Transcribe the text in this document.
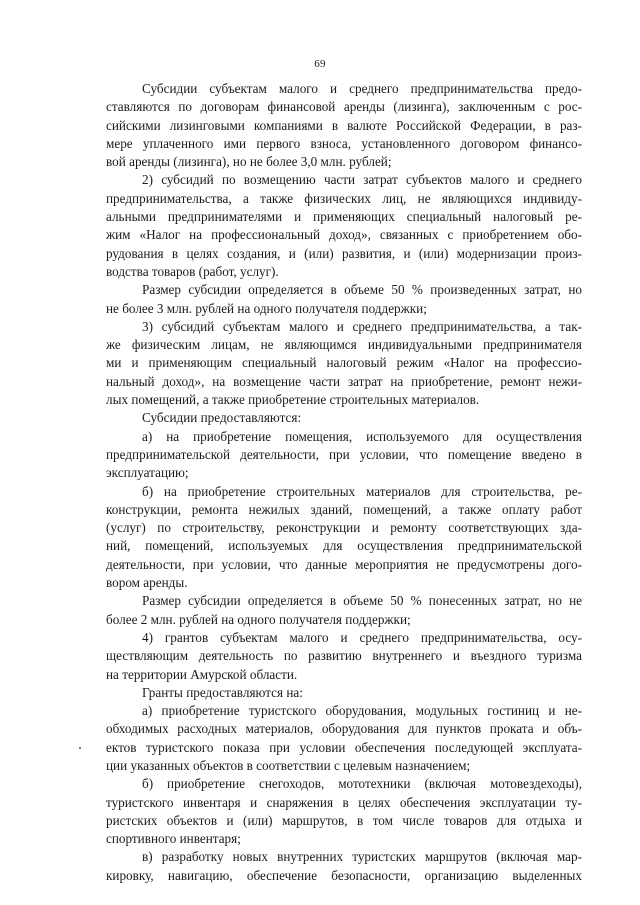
69

Субсидии субъектам малого и среднего предпринимательства предо-
ставляются по договорам финансовой аренды (лизинга), заключенным с рос-
сийскими лизинговыми компаниями в валюте Российской Федерации, в раз-
мере уплаченного ими первого взноса, установленного договором финансо-
вой аренды (лизинга), но не более 3,0 млн. рублей;

2) субсидий по возмещению части затрат субъектов малого и среднего
предпринимательства, а также физических лиц, не являющихся индивиду-
альными предпринимателями и применяющих специальный налоговый ре-
жим «Налог на профессиональный доход», связанных с приобретением обо-
рудования в целях создания, и (или) развития, и (или) модернизации произ-
водства товаров (работ, услуг).

Размер субсидии определяется в объеме 50 % произведенных затрат, но
не более 3 млн. рублей на одного получателя поддержки;

3) субсидий субъектам малого и среднего предпринимательства, а так-
же физическим лицам, не являющимся индивидуальными предпринимателя
ми и применяющим специальный налоговый режим «Налог на профессио-
нальный доход», на возмещение части затрат на приобретение, ремонт нежи-
лых помещений, а также приобретение строительных материалов.

Субсидии предоставляются:

а) на приобретение помещения, используемого для осуществления
предпринимательской деятельности, при условии, что помещение введено в
эксплуатацию;

б) на приобретение строительных материалов для строительства, ре-
конструкции, ремонта нежилых зданий, помещений, а также оплату работ
(услуг) по строительству, реконструкции и ремонту соответствующих зда-
ний, помещений, используемых для осуществления предпринимательской
деятельности, при условии, что данные мероприятия не предусмотрены дого-
вором аренды.

Размер субсидии определяется в объеме 50 % понесенных затрат, но не
более 2 млн. рублей на одного получателя поддержки;

4) грантов субъектам малого и среднего предпринимательства, осу-
ществляющим деятельность по развитию внутреннего и въездного туризма
на территории Амурской области.

Гранты предоставляются на:

а) приобретение туристского оборудования, модульных гостиниц и не-
обходимых расходных материалов, оборудования для пунктов проката и объ-
ектов туристского показа при условии обеспечения последующей эксплуата-
ции указанных объектов в соответствии с целевым назначением;

б) приобретение снегоходов, мототехники (включая мотовездеходы),
туристского инвентаря и снаряжения в целях обеспечения эксплуатации ту-
ристских объектов и (или) маршрутов, в том числе товаров для отдыха и
спортивного инвентаря;

в) разработку новых внутренних туристских маршрутов (включая мар-
кировку, навигацию, обеспечение безопасности, организацию выделенных
